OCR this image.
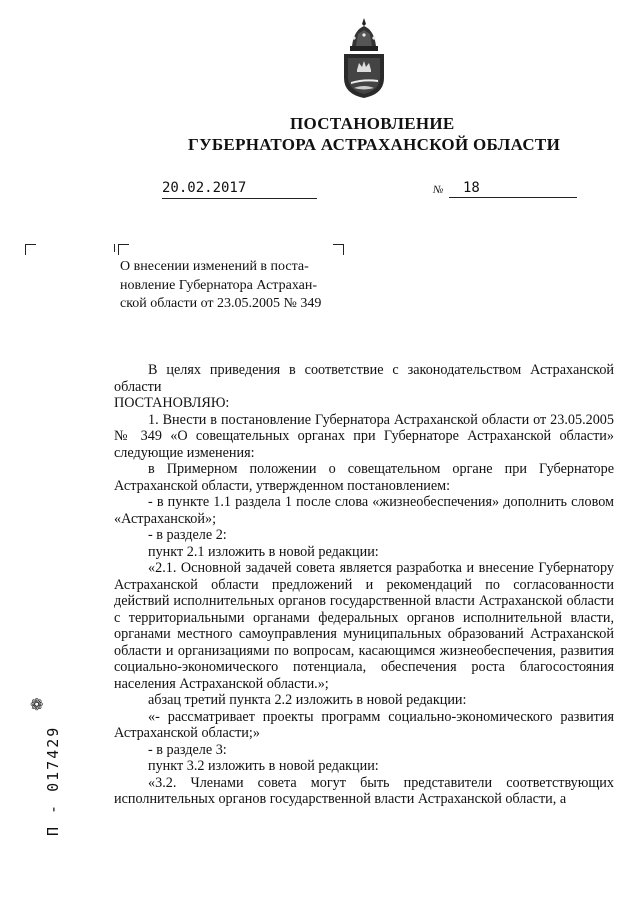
ПОСТАНОВЛЕНИЕ
ГУБЕРНАТОРА АСТРАХАНСКОЙ ОБЛАСТИ
20.02.2017	№	18
О внесении изменений в поста-
новление Губернатора Астрахан-
ской области от 23.05.2005 № 349

В целях приведения в соответствие с законодательством Астраханской области

ПОСТАНОВЛЯЮ:

1. Внести в постановление Губернатора Астраханской области от 23.05.2005 № 349 «О совещательных органах при Губернаторе Астраханской области» следующие изменения:

в Примерном положении о совещательном органе при Губернаторе Астраханской области, утвержденном постановлением:

- в пункте 1.1 раздела 1 после слова «жизнеобеспечения» дополнить словом «Астраханской»;

- в разделе 2:

пункт 2.1 изложить в новой редакции:

«2.1. Основной задачей совета является разработка и внесение Губернатору Астраханской области предложений и рекомендаций по согласованности действий исполнительных органов государственной власти Астраханской области с территориальными органами федеральных органов исполнительной власти, органами местного самоуправления муниципальных образований Астраханской области и организациями по вопросам, касающимся жизнеобеспечения, развития социально-экономического потенциала, обеспечения роста благосостояния населения Астраханской области.»;

абзац третий пункта 2.2 изложить в новой редакции:

«- рассматривает проекты программ социально-экономического развития Астраханской области;»

- в разделе 3:

пункт 3.2 изложить в новой редакции:

«3.2. Членами совета могут быть представители соответствующих исполнительных органов государственной власти Астраханской области, а

❁
П - 017429
